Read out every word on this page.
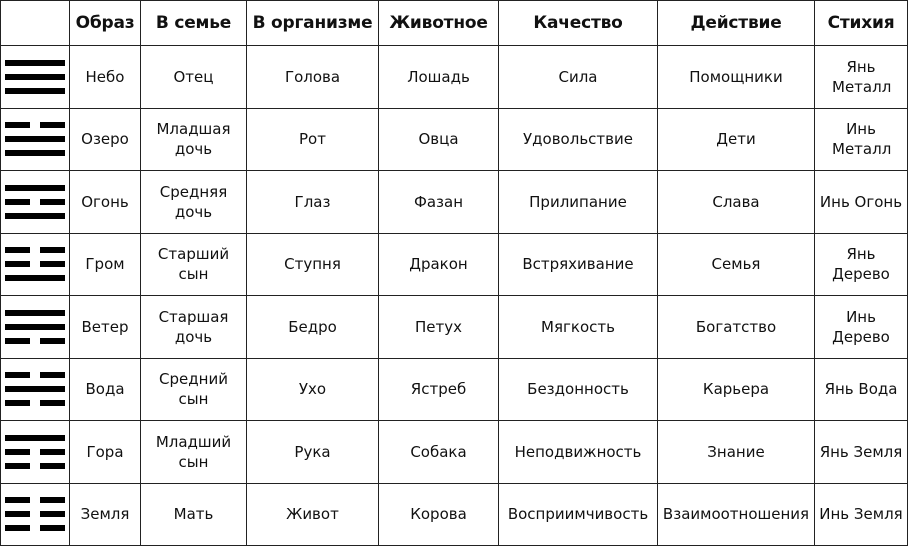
	Образ	В семье	В организме	Животное	Качество	Действие	Стихия

	Небо	Отец	Голова	Лошадь	Сила	Помощники	Янь Металл

	Озеро	Младшая дочь	Рот	Овца	Удовольствие	Дети	Инь Металл

	Огонь	Средняя дочь	Глаз	Фазан	Прилипание	Слава	Инь Огонь

	Гром	Старший сын	Ступня	Дракон	Встряхивание	Семья	Янь Дерево

	Ветер	Старшая дочь	Бедро	Петух	Мягкость	Богатство	Инь Дерево

	Вода	Средний сын	Ухо	Ястреб	Бездонность	Карьера	Янь Вода

	Гора	Младший сын	Рука	Собака	Неподвижность	Знание	Янь Земля

	Земля	Мать	Живот	Корова	Восприимчивость	Взаимоотношения	Инь Земля
